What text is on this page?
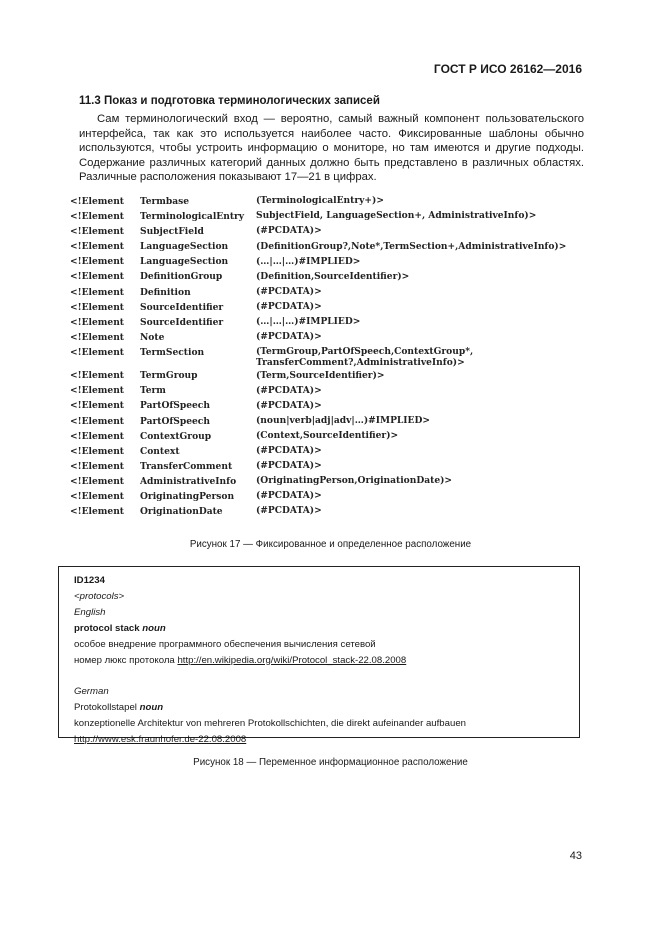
ГОСТ Р ИСО 26162—2016
11.3 Показ и подготовка терминологических записей

Сам терминологический вход — вероятно, самый важный компонент пользовательского интерфейса, так как это используется наиболее часто. Фиксированные шаблоны обычно используются, чтобы устроить информацию о мониторе, но там имеются и другие подходы. Содержание различных категорий данных должно быть представлено в различных областях. Различные расположения показывают 17—21 в цифрах.

<!Element	Termbase	(TerminologicalEntry+)>
<!Element	TerminologicalEntry	SubjectField, LanguageSection+, AdministrativeInfo)>
<!Element	SubjectField	(#PCDATA)>
<!Element	LanguageSection	(DefinitionGroup?,Note*,TermSection+,AdministrativeInfo)>
<!Element	LanguageSection	(…|…|…)#IMPLIED>
<!Element	DefinitionGroup	(Definition,SourceIdentifier)>
<!Element	Definition	(#PCDATA)>
<!Element	SourceIdentifier	(#PCDATA)>
<!Element	SourceIdentifier	(…|…|…)#IMPLIED>
<!Element	Note	(#PCDATA)>
<!Element	TermSection	(TermGroup,PartOfSpeech,ContextGroup*,
TransferComment?,AdministrativeInfo)>
<!Element	TermGroup	(Term,SourceIdentifier)>
<!Element	Term	(#PCDATA)>
<!Element	PartOfSpeech	(#PCDATA)>
<!Element	PartOfSpeech	(noun|verb|adj|adv|…)#IMPLIED>
<!Element	ContextGroup	(Context,SourceIdentifier)>
<!Element	Context	(#PCDATA)>
<!Element	TransferComment	(#PCDATA)>
<!Element	AdministrativeInfo	(OriginatingPerson,OriginationDate)>
<!Element	OriginatingPerson	(#PCDATA)>
<!Element	OriginationDate	(#PCDATA)>
Рисунок 17 — Фиксированное и определенное расположение
ID1234
<protocols>
English
protocol stack noun
особое внедрение программного обеспечения вычисления сетевой
номер люкс протокола http://en.wikipedia.org/wiki/Protocol_stack-22.08.2008
German
Protokollstapel noun
konzeptionelle Architektur von mehreren Protokollschichten, die direkt aufeinander aufbauen
http://www.esk.fraunhofer.de-22.08.2008
Рисунок 18 — Переменное информационное расположение
43
